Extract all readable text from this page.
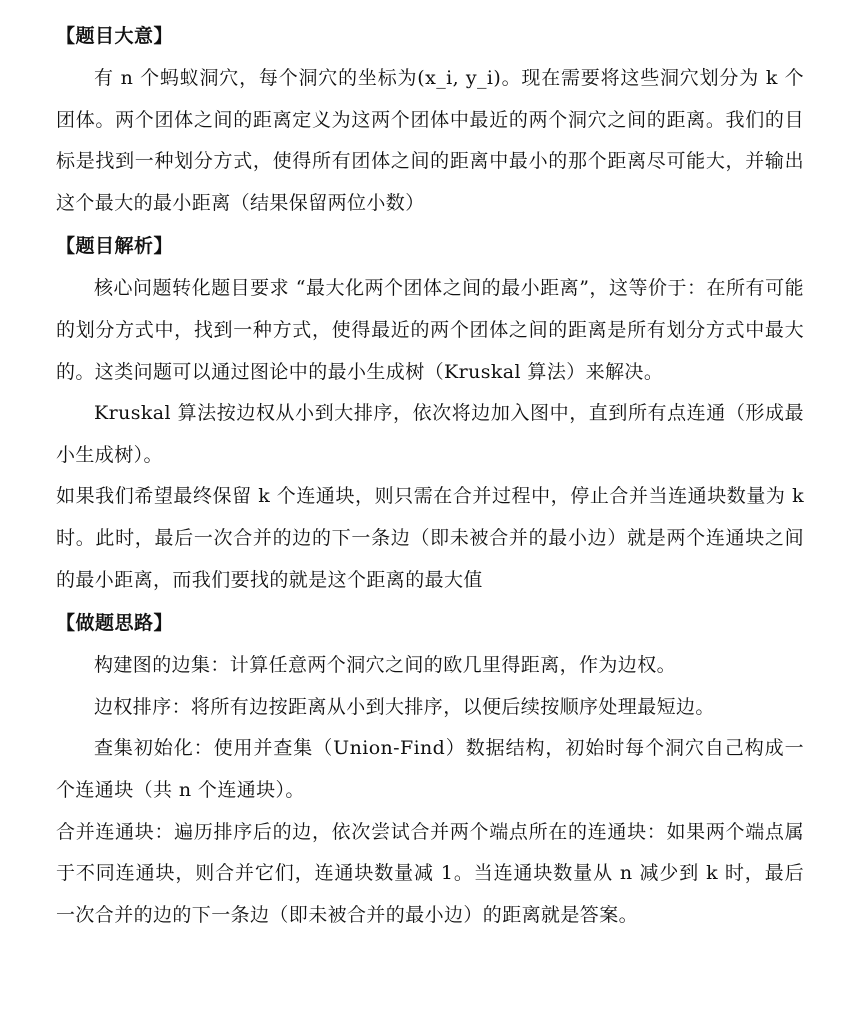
【题目大意】

有 n 个蚂蚁洞穴，每个洞穴的坐标为(x_i, y_i)。现在需要将这些洞穴划分为 k 个团体。两个团体之间的距离定义为这两个团体中最近的两个洞穴之间的距离。我们的目标是找到一种划分方式，使得所有团体之间的距离中最小的那个距离尽可能大，并输出这个最大的最小距离（结果保留两位小数）

【题目解析】

核心问题转化题目要求 “最大化两个团体之间的最小距离”，这等价于：在所有可能的划分方式中，找到一种方式，使得最近的两个团体之间的距离是所有划分方式中最大的。这类问题可以通过图论中的最小生成树（Kruskal 算法）来解决。

Kruskal 算法按边权从小到大排序，依次将边加入图中，直到所有点连通（形成最小生成树）。

如果我们希望最终保留 k 个连通块，则只需在合并过程中，停止合并当连通块数量为 k 时。此时，最后一次合并的边的下一条边（即未被合并的最小边）就是两个连通块之间的最小距离，而我们要找的就是这个距离的最大值

【做题思路】

构建图的边集：计算任意两个洞穴之间的欧几里得距离，作为边权。

边权排序：将所有边按距离从小到大排序，以便后续按顺序处理最短边。

查集初始化：使用并查集（Union-Find）数据结构，初始时每个洞穴自己构成一个连通块（共 n 个连通块）。

合并连通块：遍历排序后的边，依次尝试合并两个端点所在的连通块：如果两个端点属于不同连通块，则合并它们，连通块数量减 1。当连通块数量从 n 减少到 k 时，最后一次合并的边的下一条边（即未被合并的最小边）的距离就是答案。
